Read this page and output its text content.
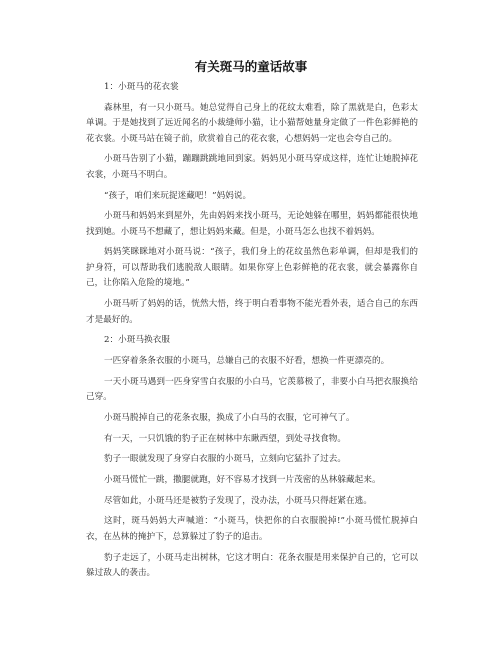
有关斑马的童话故事

1：小斑马的花衣裳

森林里，有一只小斑马。她总觉得自己身上的花纹太难看，除了黑就是白，色彩太单调。于是她找到了远近闻名的小裁缝师小猫，让小猫帮她量身定做了一件色彩鲜艳的花衣裳。小斑马站在镜子前，欣赏着自己的花衣裳，心想妈妈一定也会夸自己的。

小斑马告别了小猫，蹦蹦跳跳地回到家。妈妈见小斑马穿成这样，连忙让她脱掉花衣裳，小斑马不明白。

“孩子，咱们来玩捉迷藏吧！”妈妈说。

小斑马和妈妈来到屋外，先由妈妈来找小斑马，无论她躲在哪里，妈妈都能很快地找到她。小斑马不想藏了，想让妈妈来藏。但是，小斑马怎么也找不着妈妈。

妈妈笑眯眯地对小斑马说：“孩子，我们身上的花纹虽然色彩单调，但却是我们的护身符，可以帮助我们逃脱敌人眼睛。如果你穿上色彩鲜艳的花衣裳，就会暴露你自己，让你陷入危险的境地。”

小斑马听了妈妈的话，恍然大悟，终于明白看事物不能光看外表，适合自己的东西才是最好的。

2：小斑马换衣服

一匹穿着条条衣服的小斑马，总嫌自己的衣服不好看，想换一件更漂亮的。

一天小斑马遇到一匹身穿雪白衣服的小白马，它羡慕极了，非要小白马把衣服换给己穿。

小斑马脱掉自己的花条衣服，换成了小白马的衣服，它可神气了。

有一天，一只饥饿的豹子正在树林中东瞅西望，到处寻找食物。

豹子一眼就发现了身穿白衣服的小斑马，立刻向它猛扑了过去。

小斑马慌忙一跳，撒腿就跑，好不容易才找到一片茂密的丛林躲藏起来。

尽管如此，小斑马还是被豹子发现了，没办法，小斑马只得赶紧在逃。

这时，斑马妈妈大声喊道：“小斑马，快把你的白衣服脱掉!”小斑马慌忙脱掉白衣，在丛林的掩护下，总算躲过了豹子的追击。

豹子走远了，小斑马走出树林，它这才明白：花条衣服是用来保护自己的，它可以躲过敌人的袭击。
